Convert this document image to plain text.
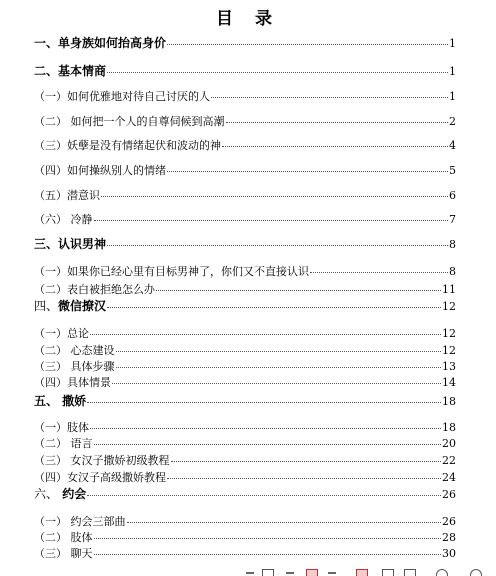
目 录
一、单身族如何抬高身价	1
二、基本情商	1
（一）如何优雅地对待自己讨厌的人	1
（二） 如何把一个人的自尊伺候到高潮	2
（三）妖孽是没有情绪起伏和波动的神	4
（四）如何操纵别人的情绪	5
（五）潜意识	6
（六） 冷静	7
三、认识男神	8
（一）如果你已经心里有目标男神了，你们又不直接认识	8
（二）表白被拒绝怎么办	11
四、微信撩汉	12
（一）总论	12
（二） 心态建设	12
（三） 具体步骤	13
（四）具体情景	14
五、 撒娇	18
（一）肢体	18
（二） 语言	20
（三） 女汉子撒娇初级教程	22
（四）女汉子高级撒娇教程	24
六、 约会	26
（一） 约会三部曲	26
（二） 肢体	28
（三） 聊天	30
